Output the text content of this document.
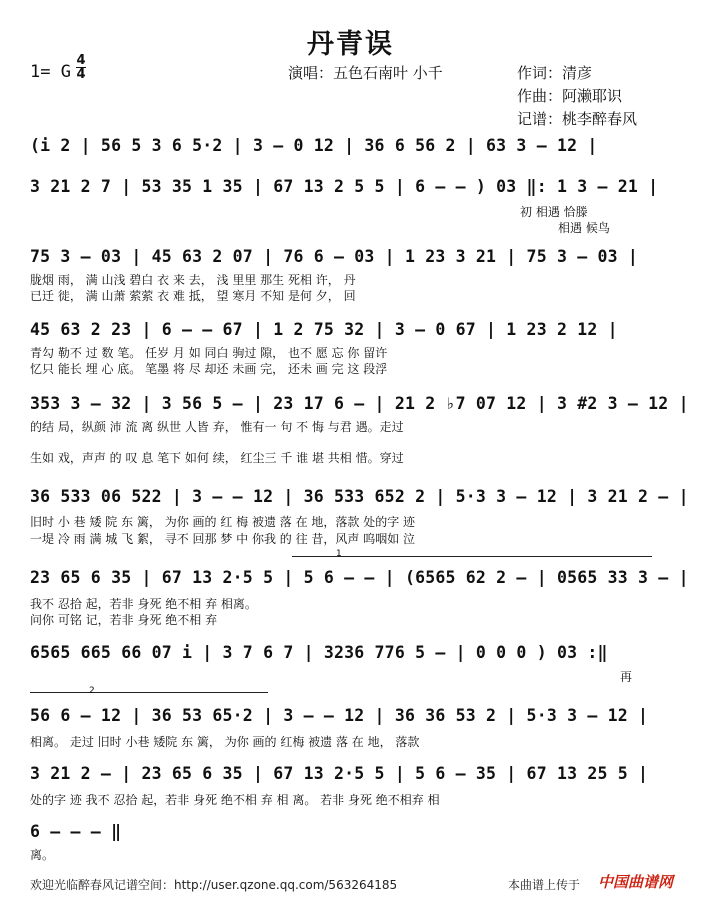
丹青误
1= G
4
4	演唱：五色石南叶 小千	作词：清彦
作曲：阿濑耶识
记谱：桃李醉春风
(i 2 | 56 5 3 6 5·2 | 3 – 0 12 | 36 6 56 2 | 63 3 – 12 |
3 21 2 7 | 53 35 1 35 | 67 13 2 5 5 | 6 – – ) 03 ‖: 1 3 – 21 |
初 相遇 恰滕
相遇 候鸟
75 3 – 03 | 45 63 2 07 | 76 6 – 03 | 1 23 3 21 | 75 3 – 03 |
胧烟 雨， 满 山浅 碧白 衣 来 去， 浅 里里 那生 死相 许， 丹
已迁 徙， 满 山萧 萦萦 衣 难 抵， 望 寒月 不知 是何 夕， 回
45 63 2 23 | 6 – – 67 | 1 2 75 32 | 3 – 0 67 | 1 23 2 12 |
青勾 勒不 过 数 笔。 任岁 月 如 同白 驹过 隙， 也不 愿 忘 你 留许
忆只 能长 埋 心 底。 笔墨 将 尽 却还 未画 完， 还未 画 完 这 段浮
353 3 – 32 | 3 56 5 – | 23 17 6 – | 21 2 ♭7 07 12 | 3 #2 3 – 12 |
的结 局，纵颜 沛 流 离 纵世 人皆 弃， 惟有一 句 不 悔 与君 遇。走过
生如 戏，声声 的 叹 息 笔下 如何 续， 红尘三 千 谁 堪 共相 惜。穿过
36 533 06 522 | 3 – – 12 | 36 533 652 2 | 5·3 3 – 12 | 3 21 2 – |
旧时 小 巷 矮 院 东 篱， 为你 画的 红 梅 被遗 落 在 地，落款 处的字 迹
一堤 冷 雨 满 城 飞 絮， 寻不 回那 梦 中 你我 的 往 昔，风声 呜咽如 泣
1
23 65 6 35 | 67 13 2·5 5 | 5 6 – – | (6565 62 2 – | 0565 33 3 – |
我不 忍拾 起，若非 身死 绝不相 弃 相离。
问你 可铭 记，若非 身死 绝不相 弃
6565 665 66 07 i | 3 7 6 7 | 3236 776 5 – | 0 0 0 ) 03 :‖
再
2
56 6 – 12 | 36 53 65·2 | 3 – – 12 | 36 36 53 2 | 5·3 3 – 12 |
相离。 走过 旧时 小巷 矮院 东 篱， 为你 画的 红梅 被遗 落 在 地， 落款
3 21 2 – | 23 65 6 35 | 67 13 2·5 5 | 5 6 – 35 | 67 13 25 5 |
处的字 迹 我不 忍拾 起，若非 身死 绝不相 弃 相 离。 若非 身死 绝不相弃 相
6 – – – ‖
离。
欢迎光临醉春风记谱空间：http://user.qzone.qq.com/563264185	本曲谱上传于 中国曲谱网
